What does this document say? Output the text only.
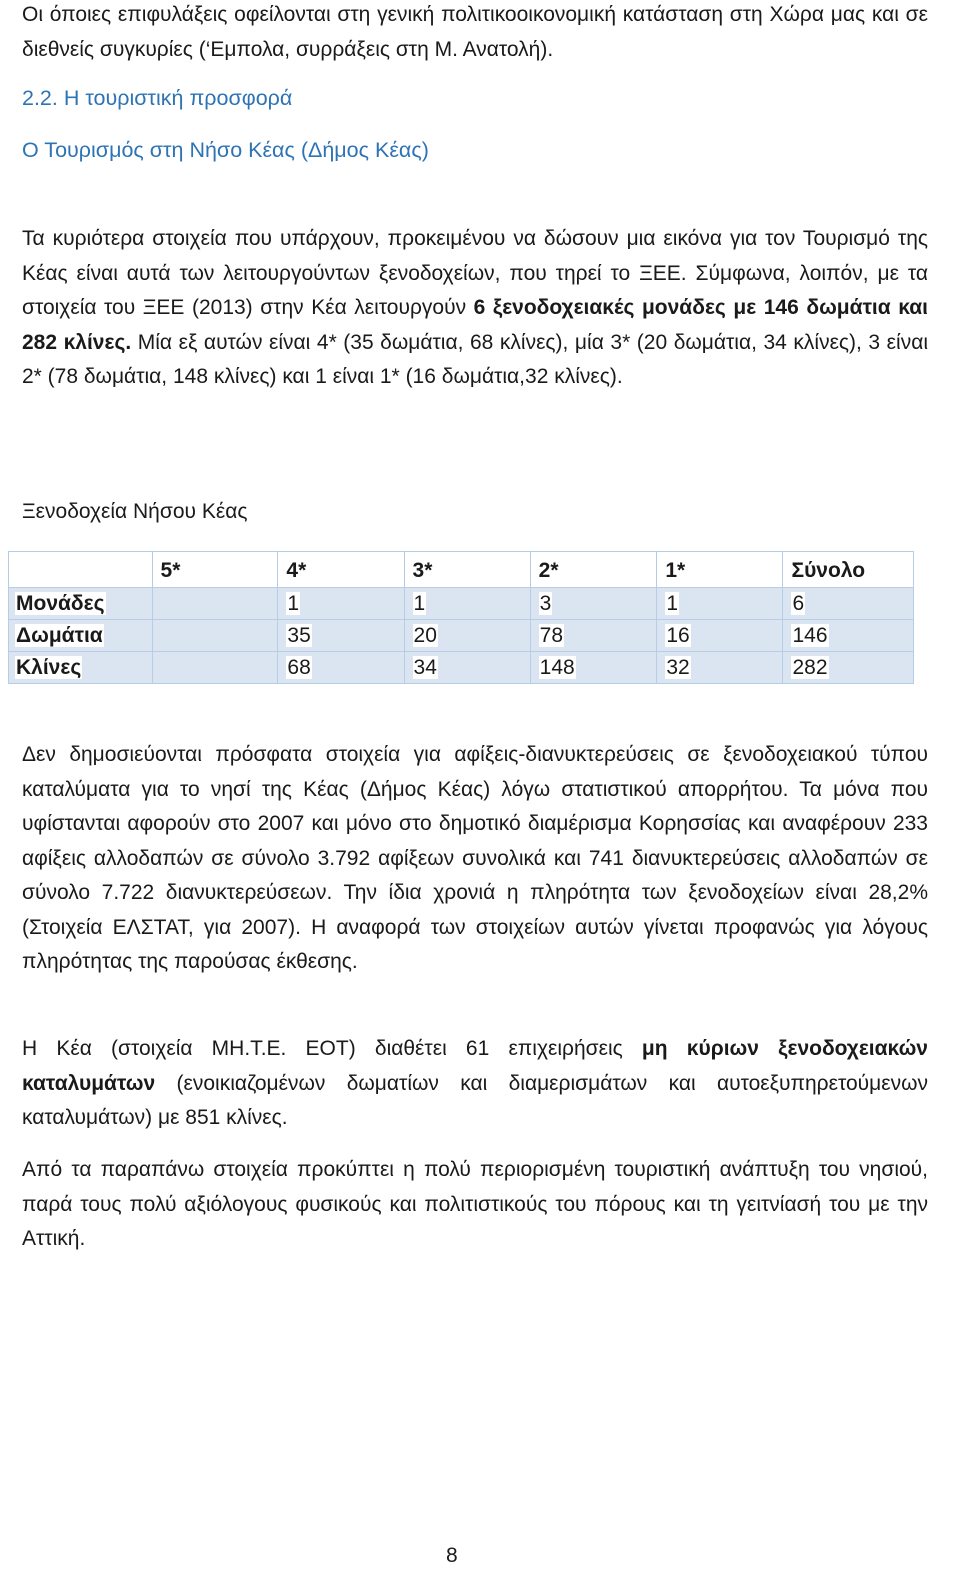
Οι όποιες επιφυλάξεις οφείλονται στη γενική πολιτικοοικονομική κατάσταση στη Χώρα μας και σε διεθνείς συγκυρίες (‘Εμπολα, συρράξεις στη Μ. Ανατολή).

2.2. Η τουριστική προσφορά

Ο Τουρισμός στη Νήσο Κέας (Δήμος Κέας)

Τα κυριότερα στοιχεία που υπάρχουν, προκειμένου να δώσουν μια εικόνα για τον Τουρισμό της Κέας είναι αυτά των λειτουργούντων ξενοδοχείων, που τηρεί το ΞΕΕ. Σύμφωνα, λοιπόν, με τα στοιχεία του ΞΕΕ (2013) στην Κέα λειτουργούν 6 ξενοδοχειακές μονάδες με 146 δωμάτια και 282 κλίνες. Μία εξ αυτών είναι 4* (35 δωμάτια, 68 κλίνες), μία 3* (20 δωμάτια, 34 κλίνες), 3 είναι 2* (78 δωμάτια, 148 κλίνες) και 1 είναι 1* (16 δωμάτια,32 κλίνες).

Ξενοδοχεία Νήσου Κέας

	5*	4*	3*	2*	1*	Σύνολο
Μονάδες		1	1	3	1	6
Δωμάτια		35	20	78	16	146
Κλίνες		68	34	148	32	282

Δεν δημοσιεύονται πρόσφατα στοιχεία για αφίξεις-διανυκτερεύσεις σε ξενοδοχειακού τύπου καταλύματα για το νησί της Κέας (Δήμος Κέας) λόγω στατιστικού απορρήτου. Τα μόνα που υφίστανται αφορούν στο 2007 και μόνο στο δημοτικό διαμέρισμα Κορησσίας και αναφέρουν 233 αφίξεις αλλοδαπών σε σύνολο 3.792 αφίξεων συνολικά και 741 διανυκτερεύσεις αλλοδαπών σε σύνολο 7.722 διανυκτερεύσεων. Την ίδια χρονιά η πληρότητα των ξενοδοχείων είναι 28,2% (Στοιχεία ΕΛΣΤΑΤ, για 2007). Η αναφορά των στοιχείων αυτών γίνεται προφανώς για λόγους πληρότητας της παρούσας έκθεσης.

Η Κέα (στοιχεία ΜΗ.Τ.Ε. ΕΟΤ) διαθέτει 61 επιχειρήσεις μη κύριων ξενοδοχειακών καταλυμάτων (ενοικιαζομένων δωματίων και διαμερισμάτων και αυτοεξυπηρετούμενων καταλυμάτων) με 851 κλίνες.

Από τα παραπάνω στοιχεία προκύπτει η πολύ περιορισμένη τουριστική ανάπτυξη του νησιού, παρά τους πολύ αξιόλογους φυσικούς και πολιτιστικούς του πόρους και τη γειτνίασή του με την Αττική.

8
